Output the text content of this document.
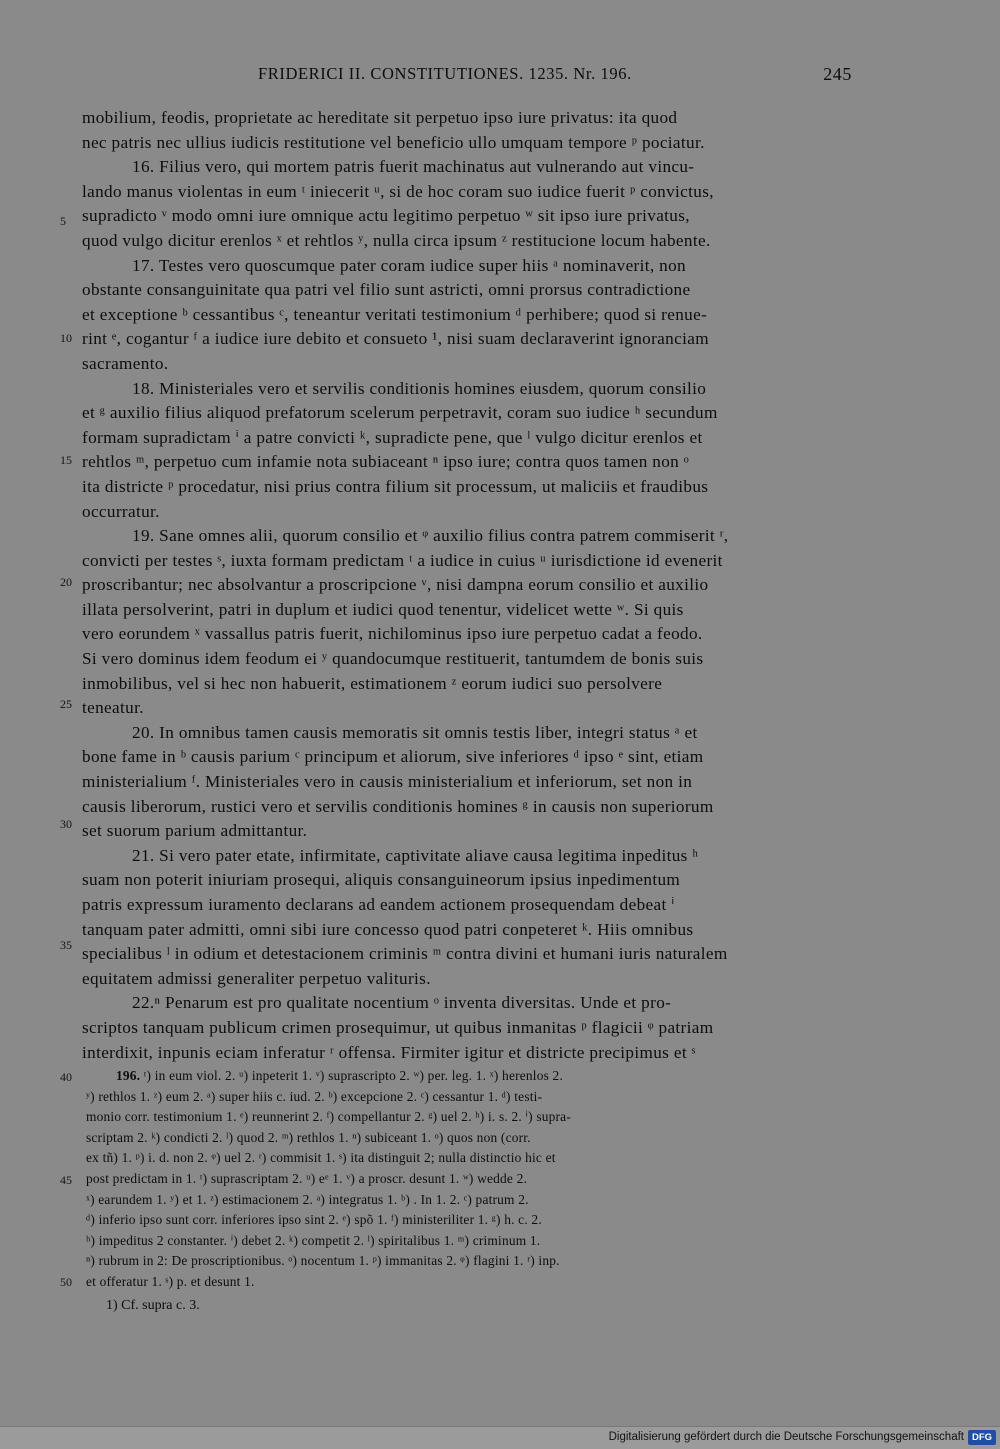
FRIDERICI II. CONSTITUTIONES. 1235. Nr. 196.	245

mobilium, feodis, proprietate ac hereditate sit perpetuo ipso iure privatus: ita quod

nec patris nec ullius iudicis restitutione vel beneficio ullo umquam tempore ᵖ pociatur.

16. Filius vero, qui mortem patris fuerit machinatus aut vulnerando aut vincu-

lando manus violentas in eum ᵗ iniecerit ᵘ, si de hoc coram suo iudice fuerit ᵖ convictus,

supradicto ᵛ modo omni iure omnique actu legitimo perpetuo ʷ sit ipso iure privatus,

quod vulgo dicitur erenlos ˣ et rehtlos ʸ, nulla circa ipsum ᶻ restitucione locum habente.

17. Testes vero quoscumque pater coram iudice super hiis ᵃ nominaverit, non

obstante consanguinitate qua patri vel filio sunt astricti, omni prorsus contradictione

et exceptione ᵇ cessantibus ᶜ, teneantur veritati testimonium ᵈ perhibere; quod si renue-

rint ᵉ, cogantur ᶠ a iudice iure debito et consueto ¹, nisi suam declaraverint ignoranciam

sacramento.

18. Ministeriales vero et servilis conditionis homines eiusdem, quorum consilio

et ᵍ auxilio filius aliquod prefatorum scelerum perpetravit, coram suo iudice ʰ secundum

formam supradictam ⁱ a patre convicti ᵏ, supradicte pene, que ˡ vulgo dicitur erenlos et

rehtlos ᵐ, perpetuo cum infamie nota subiaceant ⁿ ipso iure; contra quos tamen non ᵒ

ita districte ᵖ procedatur, nisi prius contra filium sit processum, ut maliciis et fraudibus

occurratur.

19. Sane omnes alii, quorum consilio et ᵠ auxilio filius contra patrem commiserit ʳ,

convicti per testes ˢ, iuxta formam predictam ᵗ a iudice in cuius ᵘ iurisdictione id evenerit

proscribantur; nec absolvantur a proscripcione ᵛ, nisi dampna eorum consilio et auxilio

illata persolverint, patri in duplum et iudici quod tenentur, videlicet wette ʷ. Si quis

vero eorundem ˣ vassallus patris fuerit, nichilominus ipso iure perpetuo cadat a feodo.

Si vero dominus idem feodum ei ʸ quandocumque restituerit, tantumdem de bonis suis

inmobilibus, vel si hec non habuerit, estimationem ᶻ eorum iudici suo persolvere

teneatur.

20. In omnibus tamen causis memoratis sit omnis testis liber, integri status ᵃ et

bone fame in ᵇ causis parium ᶜ principum et aliorum, sive inferiores ᵈ ipso ᵉ sint, etiam

ministerialium ᶠ. Ministeriales vero in causis ministerialium et inferiorum, set non in

causis liberorum, rustici vero et servilis conditionis homines ᵍ in causis non superiorum

set suorum parium admittantur.

21. Si vero pater etate, infirmitate, captivitate aliave causa legitima inpeditus ʰ

suam non poterit iniuriam prosequi, aliquis consanguineorum ipsius inpedimentum

patris expressum iuramento declarans ad eandem actionem prosequendam debeat ⁱ

tanquam pater admitti, omni sibi iure concesso quod patri conpeteret ᵏ. Hiis omnibus

specialibus ˡ in odium et detestacionem criminis ᵐ contra divini et humani iuris naturalem

equitatem admissi generaliter perpetuo valituris.

22.ⁿ Penarum est pro qualitate nocentium ᵒ inventa diversitas. Unde et pro-

scriptos tanquam publicum crimen prosequimur, ut quibus inmanitas ᵖ flagicii ᵠ patriam

interdixit, inpunis eciam inferatur ʳ offensa. Firmiter igitur et districte precipimus et ˢ

5
10
15
20
25
30
35
40
45
50

196. ᵗ) in eum viol. 2. ᵘ) inpeterit 1. ᵛ) suprascripto 2. ʷ) per. leg. 1. ˣ) herenlos 2.

ʸ) rethlos 1. ᶻ) eum 2. ᵃ) super hiis c. iud. 2. ᵇ) excepcione 2. ᶜ) cessantur 1. ᵈ) testi-

monio corr. testimonium 1. ᵉ) reunnerint 2. ᶠ) compellantur 2. ᵍ) uel 2. ʰ) i. s. 2. ⁱ) supra-

scriptam 2. ᵏ) condicti 2. ˡ) quod 2. ᵐ) rethlos 1. ⁿ) subiceant 1. ᵒ) quos non (corr.

ex tñ) 1. ᵖ) i. d. non 2. ᵠ) uel 2. ʳ) commisit 1. ˢ) ita distinguit 2; nulla distinctio hic et

post predictam in 1. ᵗ) suprascriptam 2. ᵘ) eᵉ 1. ᵛ) a proscr. desunt 1. ʷ) wedde 2.

ˣ) earundem 1. ʸ) et 1. ᶻ) estimacionem 2. ᵃ) integratus 1. ᵇ) . In 1. 2. ᶜ) patrum 2.

ᵈ) inferio ipso sunt corr. inferiores ipso sint 2. ᵉ) spõ 1. ᶠ) ministeriliter 1. ᵍ) h. c. 2.

ʰ) impeditus 2 constanter. ⁱ) debet 2. ᵏ) competit 2. ˡ) spiritalibus 1. ᵐ) criminum 1.

ⁿ) rubrum in 2: De proscriptionibus. ᵒ) nocentum 1. ᵖ) immanitas 2. ᵠ) flagini 1. ʳ) inp.

et offeratur 1. ˢ) p. et desunt 1.

1) Cf. supra c. 3.
Digitalisierung gefördert durch die Deutsche Forschungsgemeinschaft DFG
